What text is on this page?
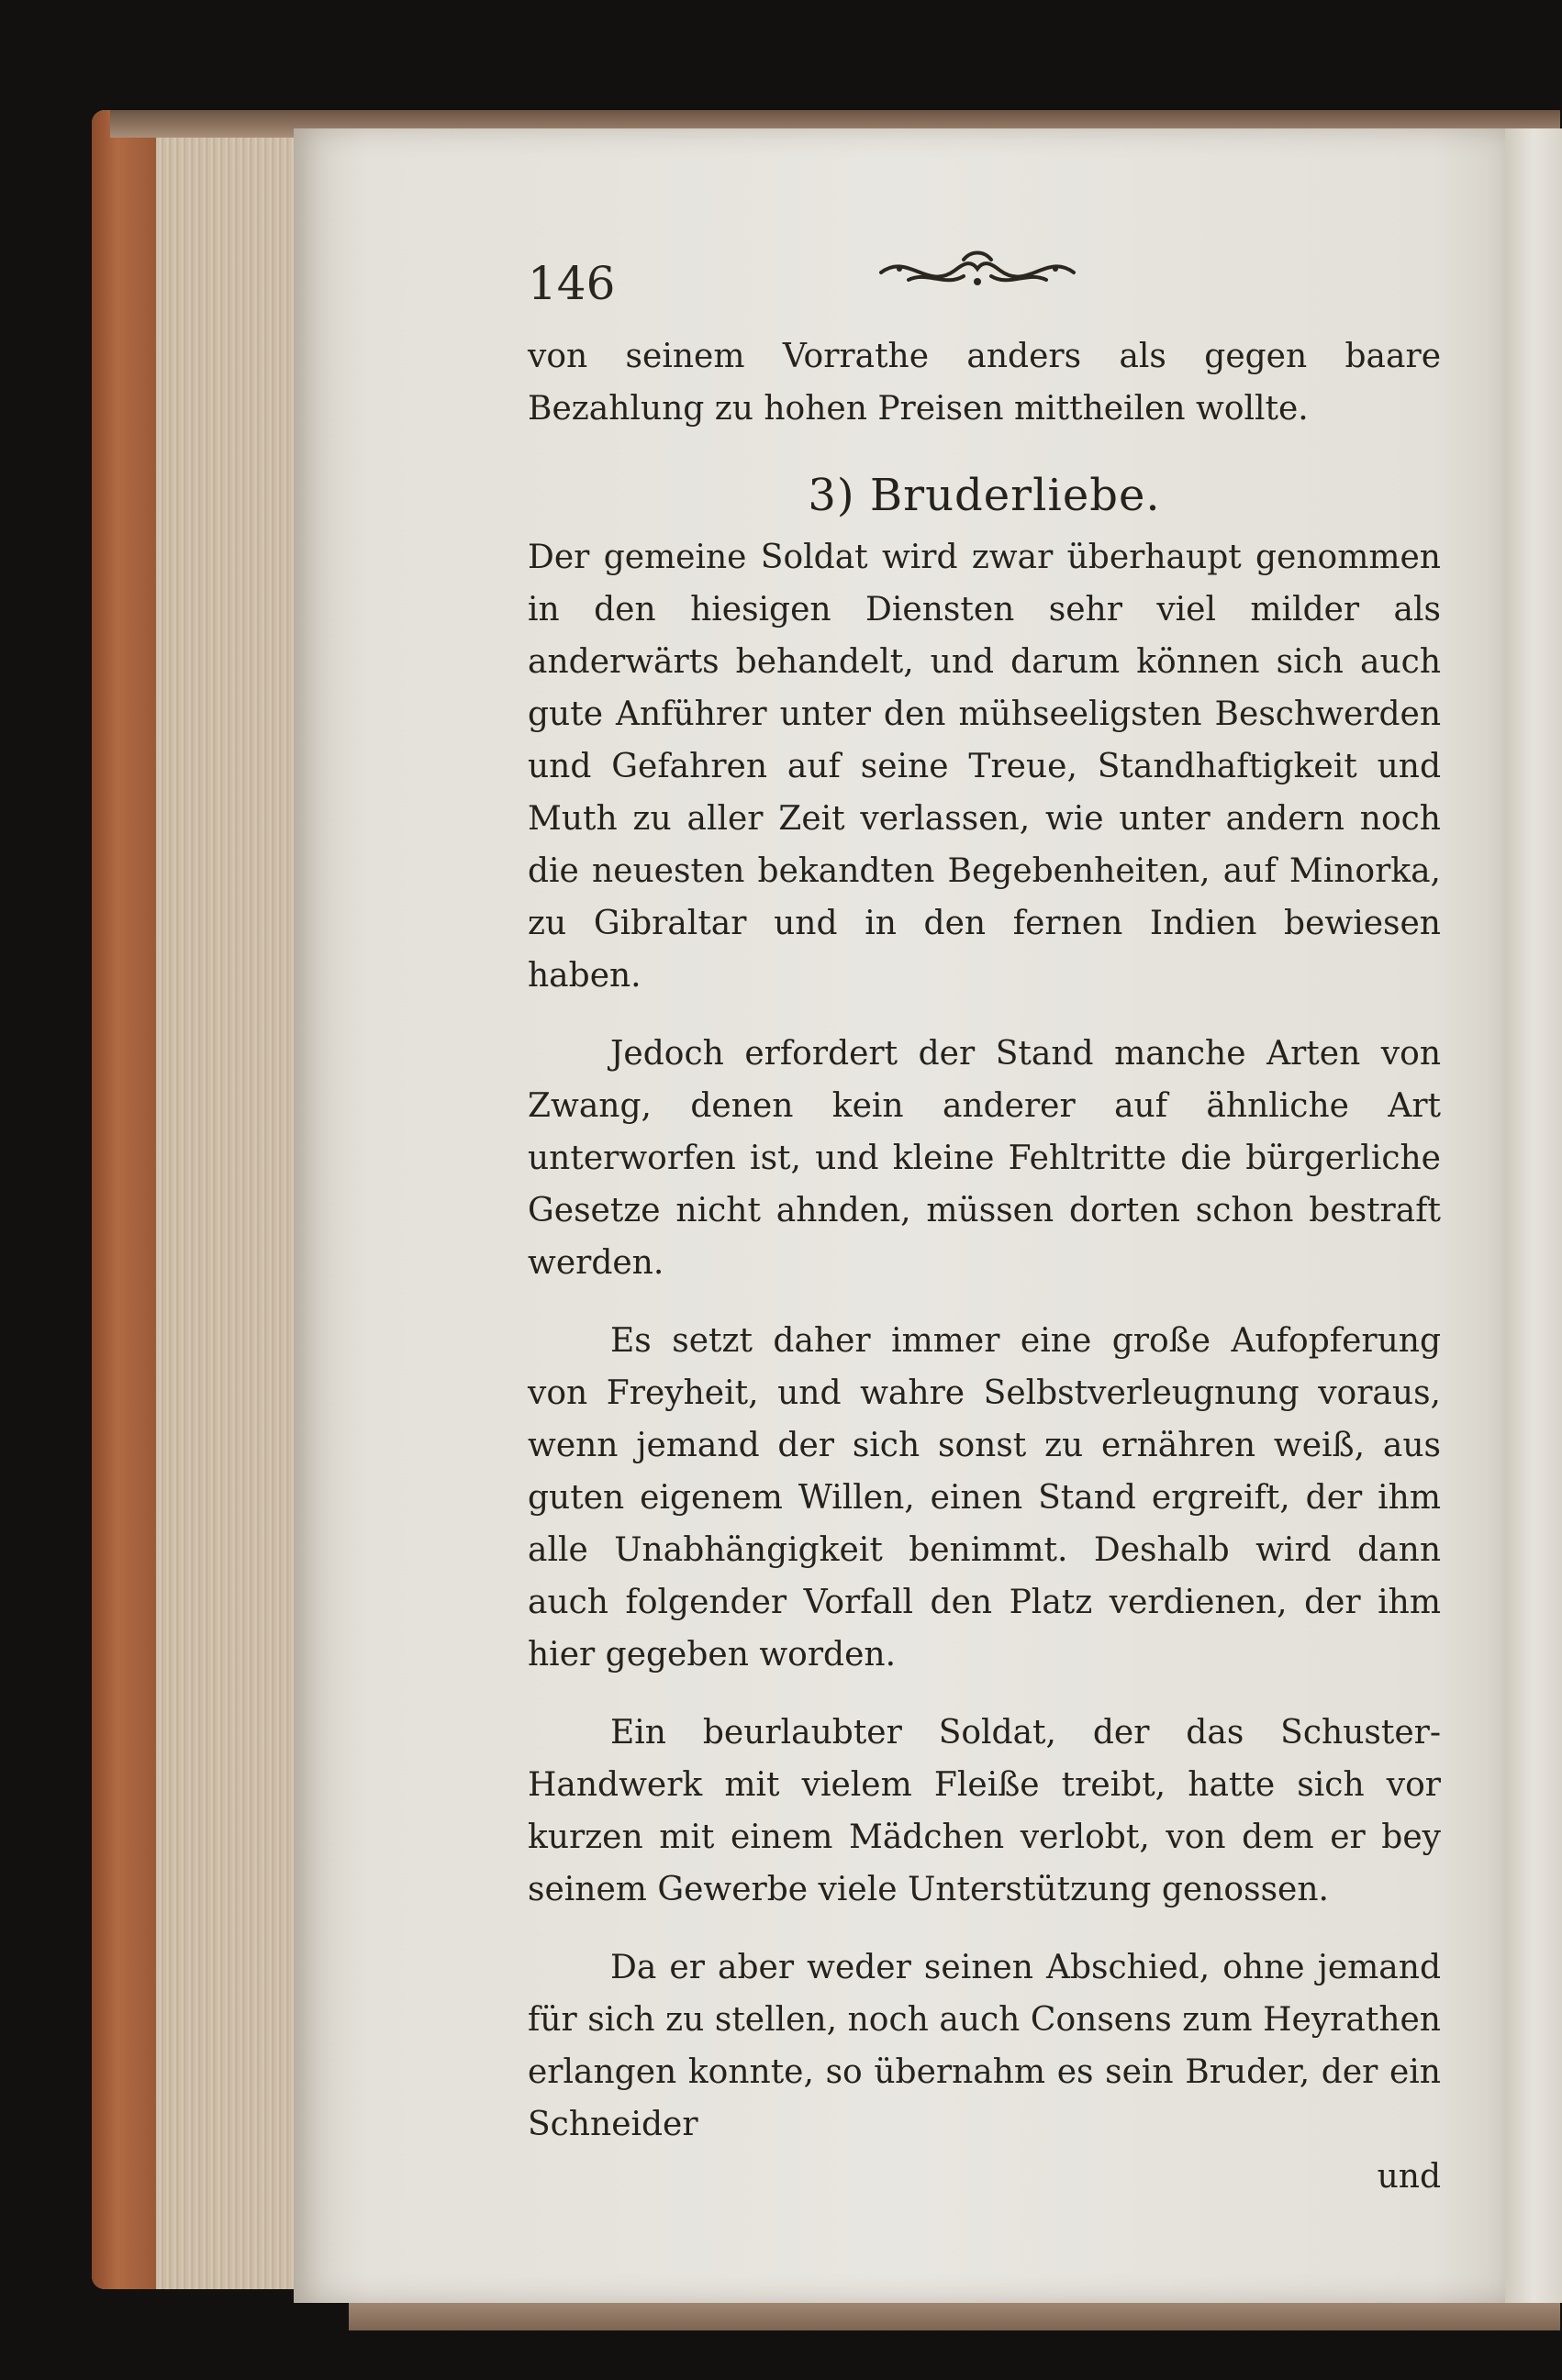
146

von seinem Vorrathe anders als gegen baare Bezahlung zu hohen Preisen mittheilen wollte.

3) Bruderliebe.

Der gemeine Soldat wird zwar überhaupt genommen in den hiesigen Diensten sehr viel milder als anderwärts behandelt, und darum können sich auch gute Anführer unter den mühseeligsten Beschwerden und Gefahren auf seine Treue, Standhaftigkeit und Muth zu aller Zeit verlassen, wie unter andern noch die neuesten bekandten Begebenheiten, auf Minorka, zu Gibraltar und in den fernen Indien bewiesen haben.

Jedoch erfordert der Stand manche Arten von Zwang, denen kein anderer auf ähnliche Art unterworfen ist, und kleine Fehltritte die bürgerliche Gesetze nicht ahnden, müssen dorten schon bestraft werden.

Es setzt daher immer eine große Aufopferung von Freyheit, und wahre Selbstverleugnung voraus, wenn jemand der sich sonst zu ernähren weiß, aus guten eigenem Willen, einen Stand ergreift, der ihm alle Unabhängigkeit benimmt. Deshalb wird dann auch folgender Vorfall den Platz verdienen, der ihm hier gegeben worden.

Ein beurlaubter Soldat, der das Schuster-Handwerk mit vielem Fleiße treibt, hatte sich vor kurzen mit einem Mädchen verlobt, von dem er bey seinem Gewerbe viele Unterstützung genossen.

Da er aber weder seinen Abschied, ohne jemand für sich zu stellen, noch auch Consens zum Heyrathen erlangen konnte, so übernahm es sein Bruder, der ein Schneider

und
